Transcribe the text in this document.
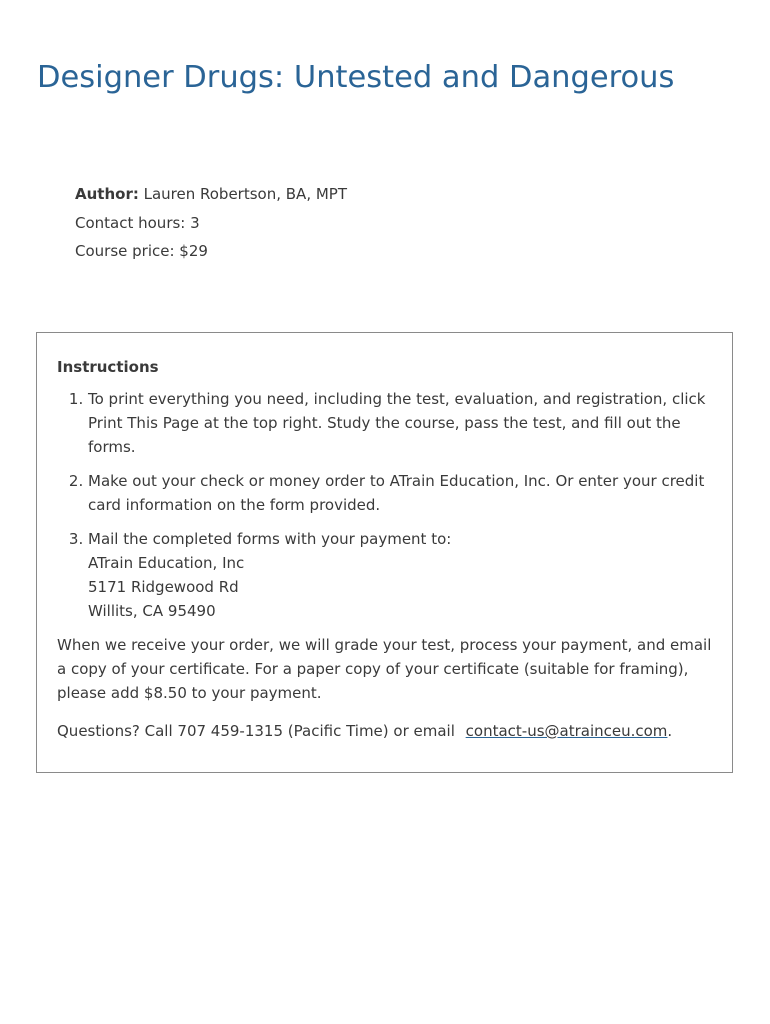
Designer Drugs: Untested and Dangerous
Author: Lauren Robertson, BA, MPT
Contact hours: 3
Course price: $29
Instructions
1. To print everything you need, including the test, evaluation, and registration, click Print This Page at the top right. Study the course, pass the test, and fill out the forms.
2. Make out your check or money order to ATrain Education, Inc. Or enter your credit card information on the form provided.
3. Mail the completed forms with your payment to:
ATrain Education, Inc
5171 Ridgewood Rd
Willits, CA 95490

When we receive your order, we will grade your test, process your payment, and email a copy of your certificate. For a paper copy of your certificate (suitable for framing), please add $8.50 to your payment.

Questions? Call 707 459-1315 (Pacific Time) or email contact-us@atrainceu.com.
